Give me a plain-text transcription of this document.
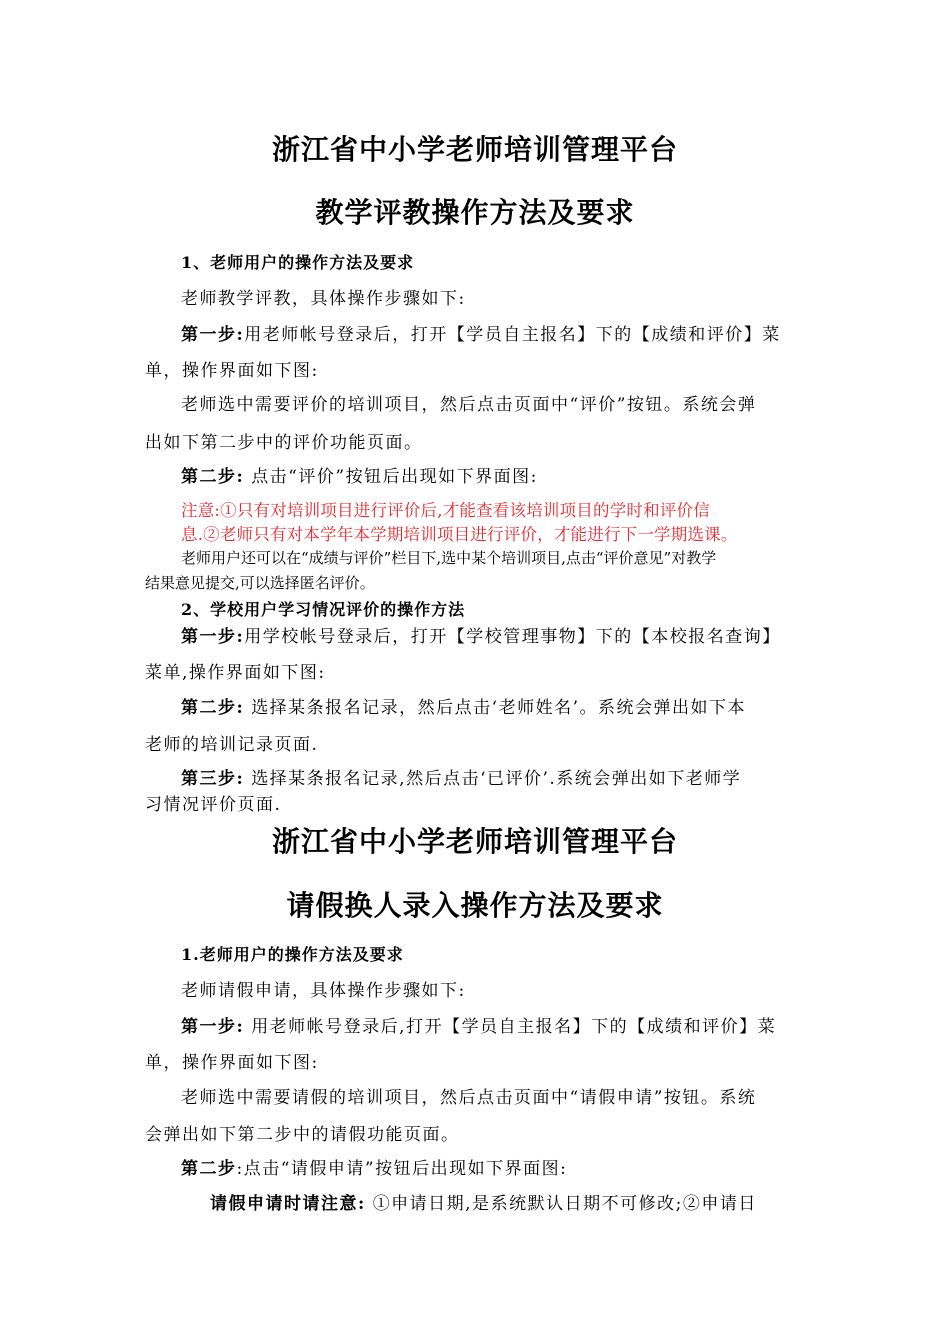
浙江省中小学老师培训管理平台
教学评教操作方法及要求
1、老师用户的操作方法及要求
老师教学评教，具体操作步骤如下:
第一步:用老师帐号登录后，打开【学员自主报名】下的【成绩和评价】菜
单，操作界面如下图:
老师选中需要评价的培训项目，然后点击页面中“评价”按钮。系统会弹
出如下第二步中的评价功能页面。
第二步: 点击“评价”按钮后出现如下界面图:
注意:①只有对培训项目进行评价后,才能查看该培训项目的学时和评价信
息.②老师只有对本学年本学期培训项目进行评价，才能进行下一学期选课。
老师用户还可以在“成绩与评价”栏目下,选中某个培训项目,点击“评价意见”对教学
结果意见提交,可以选择匿名评价。
2、学校用户学习情况评价的操作方法
第一步:用学校帐号登录后，打开【学校管理事物】下的【本校报名查询】
菜单,操作界面如下图:
第二步: 选择某条报名记录，然后点击‘老师姓名’。系统会弹出如下本
老师的培训记录页面.
第三步: 选择某条报名记录,然后点击‘已评价’.系统会弹出如下老师学
习情况评价页面.
浙江省中小学老师培训管理平台
请假换人录入操作方法及要求
1.老师用户的操作方法及要求
老师请假申请，具体操作步骤如下:
第一步: 用老师帐号登录后,打开【学员自主报名】下的【成绩和评价】菜
单，操作界面如下图:
老师选中需要请假的培训项目，然后点击页面中“请假申请”按钮。系统
会弹出如下第二步中的请假功能页面。
第二步:点击“请假申请”按钮后出现如下界面图:
请假申请时请注意: ①申请日期,是系统默认日期不可修改;②申请日
